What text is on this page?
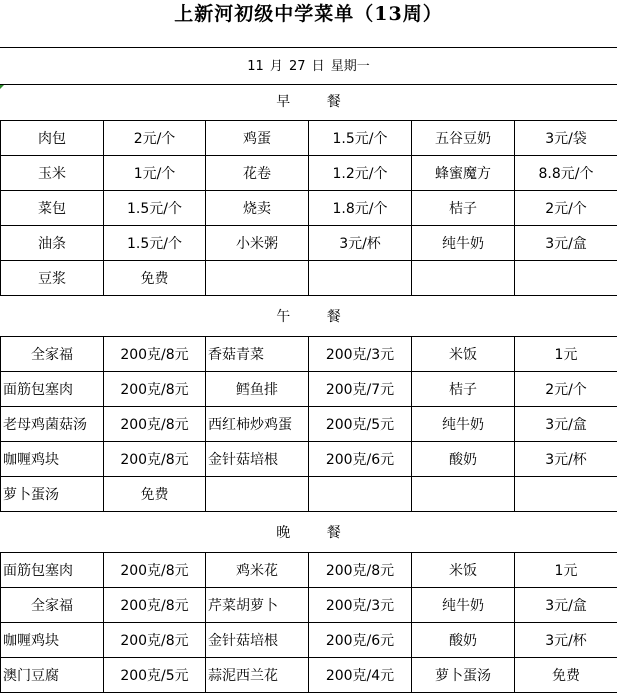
上新河初级中学菜单（13周）
11 月 27 日 星期一
早 餐
肉包	2元/个	鸡蛋	1.5元/个	五谷豆奶	3元/袋
玉米	1元/个	花卷	1.2元/个	蜂蜜魔方	8.8元/个
菜包	1.5元/个	烧卖	1.8元/个	桔子	2元/个
油条	1.5元/个	小米粥	3元/杯	纯牛奶	3元/盒
豆浆	免费				
午 餐
全家福	200克/8元	香菇青菜	200克/3元	米饭	1元
面筋包塞肉	200克/8元	鳕鱼排	200克/7元	桔子	2元/个
老母鸡菌菇汤	200克/8元	西红柿炒鸡蛋	200克/5元	纯牛奶	3元/盒
咖喱鸡块	200克/8元	金针菇培根	200克/6元	酸奶	3元/杯
萝卜蛋汤	免费				
晚 餐
面筋包塞肉	200克/8元	鸡米花	200克/8元	米饭	1元
全家福	200克/8元	芹菜胡萝卜	200克/3元	纯牛奶	3元/盒
咖喱鸡块	200克/8元	金针菇培根	200克/6元	酸奶	3元/杯
澳门豆腐	200克/5元	蒜泥西兰花	200克/4元	萝卜蛋汤	免费
